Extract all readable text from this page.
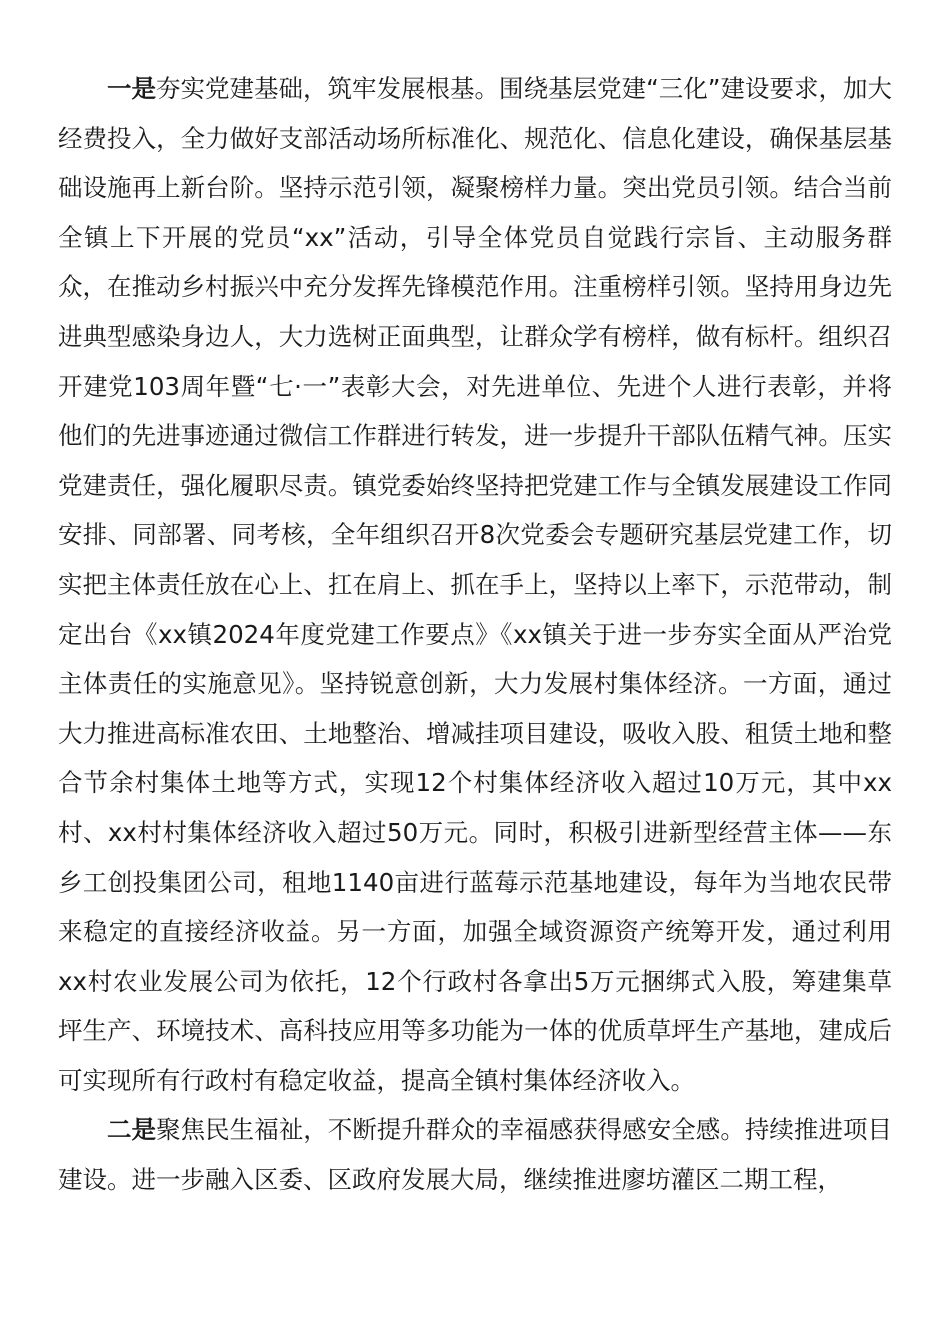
一是夯实党建基础，筑牢发展根基。围绕基层党建“三化”建设要求，加大经费投入，全力做好支部活动场所标准化、规范化、信息化建设，确保基层基础设施再上新台阶。坚持示范引领，凝聚榜样力量。突出党员引领。结合当前全镇上下开展的党员“xx”活动，引导全体党员自觉践行宗旨、主动服务群众，在推动乡村振兴中充分发挥先锋模范作用。注重榜样引领。坚持用身边先进典型感染身边人，大力选树正面典型，让群众学有榜样，做有标杆。组织召开建党103周年暨“七·一”表彰大会，对先进单位、先进个人进行表彰，并将他们的先进事迹通过微信工作群进行转发，进一步提升干部队伍精气神。压实党建责任，强化履职尽责。镇党委始终坚持把党建工作与全镇发展建设工作同安排、同部署、同考核，全年组织召开8次党委会专题研究基层党建工作，切实把主体责任放在心上、扛在肩上、抓在手上，坚持以上率下，示范带动，制定出台《xx镇2024年度党建工作要点》《xx镇关于进一步夯实全面从严治党主体责任的实施意见》。坚持锐意创新，大力发展村集体经济。一方面，通过大力推进高标准农田、土地整治、增减挂项目建设，吸收入股、租赁土地和整合节余村集体土地等方式，实现12个村集体经济收入超过10万元，其中xx村、xx村村集体经济收入超过50万元。同时，积极引进新型经营主体——东乡工创投集团公司，租地1140亩进行蓝莓示范基地建设，每年为当地农民带来稳定的直接经济收益。另一方面，加强全域资源资产统筹开发，通过利用xx村农业发展公司为依托，12个行政村各拿出5万元捆绑式入股，筹建集草坪生产、环境技术、高科技应用等多功能为一体的优质草坪生产基地，建成后可实现所有行政村有稳定收益，提高全镇村集体经济收入。

二是聚焦民生福祉，不断提升群众的幸福感获得感安全感。持续推进项目建设。进一步融入区委、区政府发展大局，继续推进廖坊灌区二期工程，
